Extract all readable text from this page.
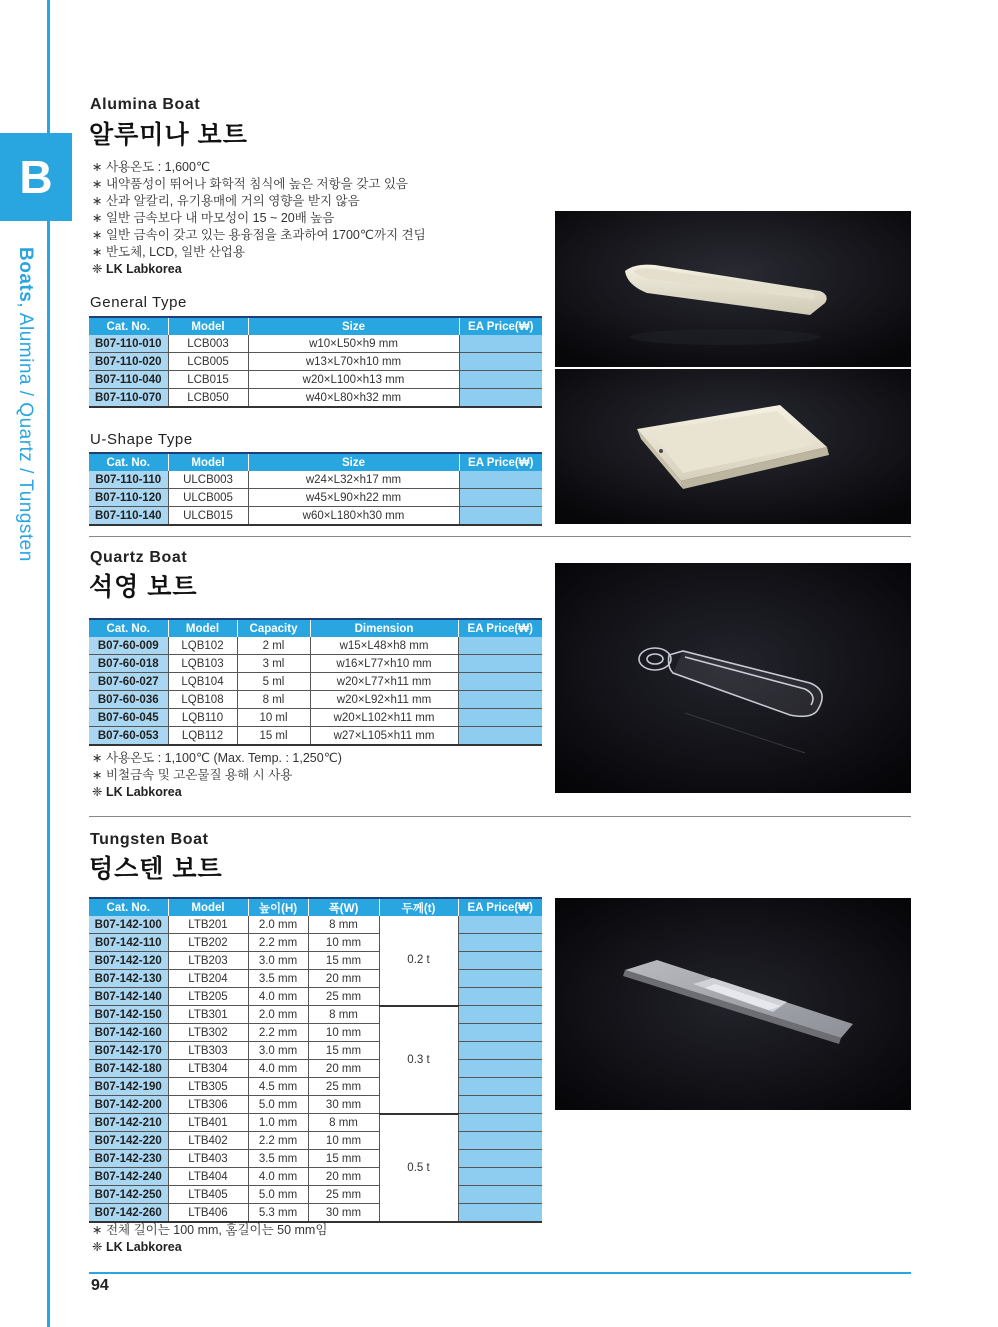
B
Boats, Alumina / Quartz / Tungsten
Alumina Boat
알루미나 보트
∗ 사용온도 : 1,600℃
∗ 내약품성이 뛰어나 화학적 침식에 높은 저항을 갖고 있음
∗ 산과 알칼리, 유기용매에 거의 영향을 받지 않음
∗ 일반 금속보다 내 마모성이 15 ~ 20배 높음
∗ 일반 금속이 갖고 있는 용융점을 초과하여 1700℃까지 견딤
∗ 반도체, LCD, 일반 산업용
❈ LK Labkorea
General Type
Cat. No.	Model	Size	EA Price(₩)
B07-110-010	LCB003	w10×L50×h9 mm	
B07-110-020	LCB005	w13×L70×h10 mm	
B07-110-040	LCB015	w20×L100×h13 mm	
B07-110-070	LCB050	w40×L80×h32 mm	
U-Shape Type
Cat. No.	Model	Size	EA Price(₩)
B07-110-110	ULCB003	w24×L32×h17 mm	
B07-110-120	ULCB005	w45×L90×h22 mm	
B07-110-140	ULCB015	w60×L180×h30 mm	
Quartz Boat
석영 보트
Cat. No.	Model	Capacity	Dimension	EA Price(₩)
B07-60-009	LQB102	2 ml	w15×L48×h8 mm	
B07-60-018	LQB103	3 ml	w16×L77×h10 mm	
B07-60-027	LQB104	5 ml	w20×L77×h11 mm	
B07-60-036	LQB108	8 ml	w20×L92×h11 mm	
B07-60-045	LQB110	10 ml	w20×L102×h11 mm	
B07-60-053	LQB112	15 ml	w27×L105×h11 mm	
∗ 사용온도 : 1,100℃ (Max. Temp. : 1,250℃)
∗ 비철금속 및 고온물질 용해 시 사용
❈ LK Labkorea
Tungsten Boat
텅스텐 보트
Cat. No.	Model	높이(H)	폭(W)	두께(t)	EA Price(₩)
B07-142-100	LTB201	2.0 mm	8 mm	0.2 t	
B07-142-110	LTB202	2.2 mm	10 mm		
B07-142-120	LTB203	3.0 mm	15 mm		
B07-142-130	LTB204	3.5 mm	20 mm		
B07-142-140	LTB205	4.0 mm	25 mm		
B07-142-150	LTB301	2.0 mm	8 mm	0.3 t	
B07-142-160	LTB302	2.2 mm	10 mm		
B07-142-170	LTB303	3.0 mm	15 mm		
B07-142-180	LTB304	4.0 mm	20 mm		
B07-142-190	LTB305	4.5 mm	25 mm		
B07-142-200	LTB306	5.0 mm	30 mm		
B07-142-210	LTB401	1.0 mm	8 mm	0.5 t	
B07-142-220	LTB402	2.2 mm	10 mm		
B07-142-230	LTB403	3.5 mm	15 mm		
B07-142-240	LTB404	4.0 mm	20 mm		
B07-142-250	LTB405	5.0 mm	25 mm		
B07-142-260	LTB406	5.3 mm	30 mm		
∗ 전체 길이는 100 mm, 홈길이는 50 mm임
❈ LK Labkorea
94
